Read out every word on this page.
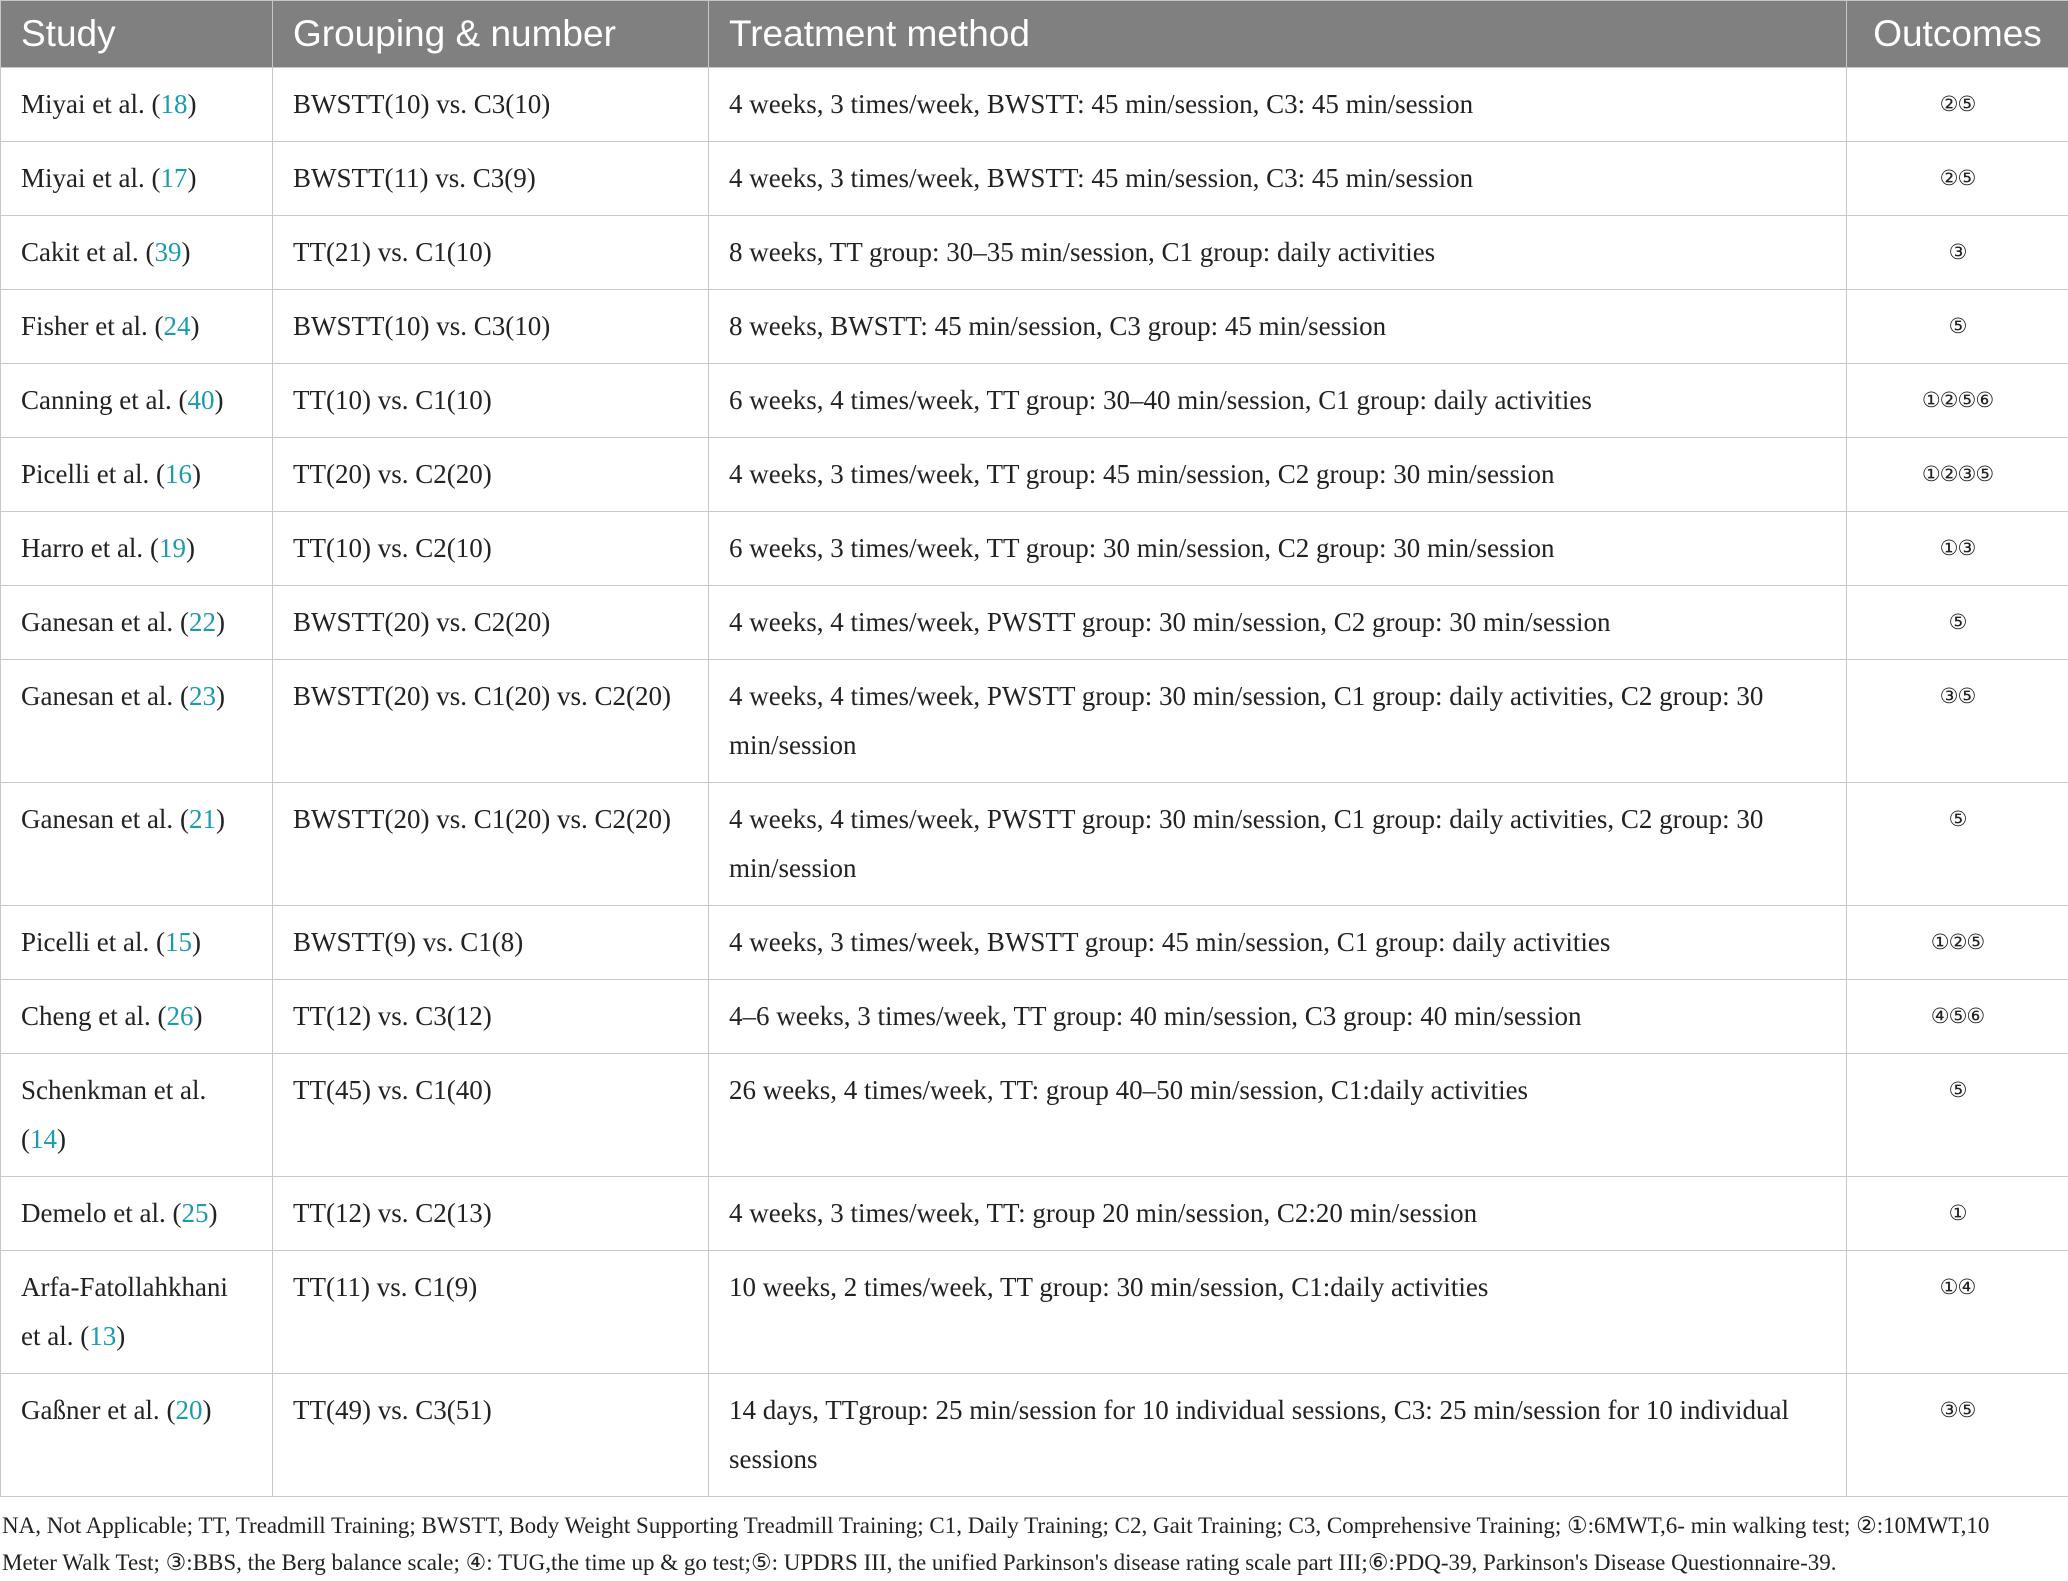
Study	Grouping & number	Treatment method	Outcomes
Miyai et al. (18)	BWSTT(10) vs. C3(10)	4 weeks, 3 times/week, BWSTT: 45 min/session, C3: 45 min/session	②⑤
Miyai et al. (17)	BWSTT(11) vs. C3(9)	4 weeks, 3 times/week, BWSTT: 45 min/session, C3: 45 min/session	②⑤
Cakit et al. (39)	TT(21) vs. C1(10)	8 weeks, TT group: 30–35 min/session, C1 group: daily activities	③
Fisher et al. (24)	BWSTT(10) vs. C3(10)	8 weeks, BWSTT: 45 min/session, C3 group: 45 min/session	⑤
Canning et al. (40)	TT(10) vs. C1(10)	6 weeks, 4 times/week, TT group: 30–40 min/session, C1 group: daily activities	①②⑤⑥
Picelli et al. (16)	TT(20) vs. C2(20)	4 weeks, 3 times/week, TT group: 45 min/session, C2 group: 30 min/session	①②③⑤
Harro et al. (19)	TT(10) vs. C2(10)	6 weeks, 3 times/week, TT group: 30 min/session, C2 group: 30 min/session	①③
Ganesan et al. (22)	BWSTT(20) vs. C2(20)	4 weeks, 4 times/week, PWSTT group: 30 min/session, C2 group: 30 min/session	⑤
Ganesan et al. (23)	BWSTT(20) vs. C1(20) vs. C2(20)	4 weeks, 4 times/week, PWSTT group: 30 min/session, C1 group: daily activities, C2 group: 30 min/session	③⑤
Ganesan et al. (21)	BWSTT(20) vs. C1(20) vs. C2(20)	4 weeks, 4 times/week, PWSTT group: 30 min/session, C1 group: daily activities, C2 group: 30 min/session	⑤
Picelli et al. (15)	BWSTT(9) vs. C1(8)	4 weeks, 3 times/week, BWSTT group: 45 min/session, C1 group: daily activities	①②⑤
Cheng et al. (26)	TT(12) vs. C3(12)	4–6 weeks, 3 times/week, TT group: 40 min/session, C3 group: 40 min/session	④⑤⑥
Schenkman et al. (14)	TT(45) vs. C1(40)	26 weeks, 4 times/week, TT: group 40–50 min/session, C1:daily activities	⑤
Demelo et al. (25)	TT(12) vs. C2(13)	4 weeks, 3 times/week, TT: group 20 min/session, C2:20 min/session	①
Arfa-Fatollahkhani et al. (13)	TT(11) vs. C1(9)	10 weeks, 2 times/week, TT group: 30 min/session, C1:daily activities	①④
Gaßner et al. (20)	TT(49) vs. C3(51)	14 days, TTgroup: 25 min/session for 10 individual sessions, C3: 25 min/session for 10 individual sessions	③⑤

NA, Not Applicable; TT, Treadmill Training; BWSTT, Body Weight Supporting Treadmill Training; C1, Daily Training; C2, Gait Training; C3, Comprehensive Training; ①:6MWT,6- min walking test; ②:10MWT,10 Meter Walk Test; ③:BBS, the Berg balance scale; ④: TUG,the time up & go test;⑤: UPDRS III, the unified Parkinson's disease rating scale part III;⑥:PDQ-39, Parkinson's Disease Questionnaire-39.
